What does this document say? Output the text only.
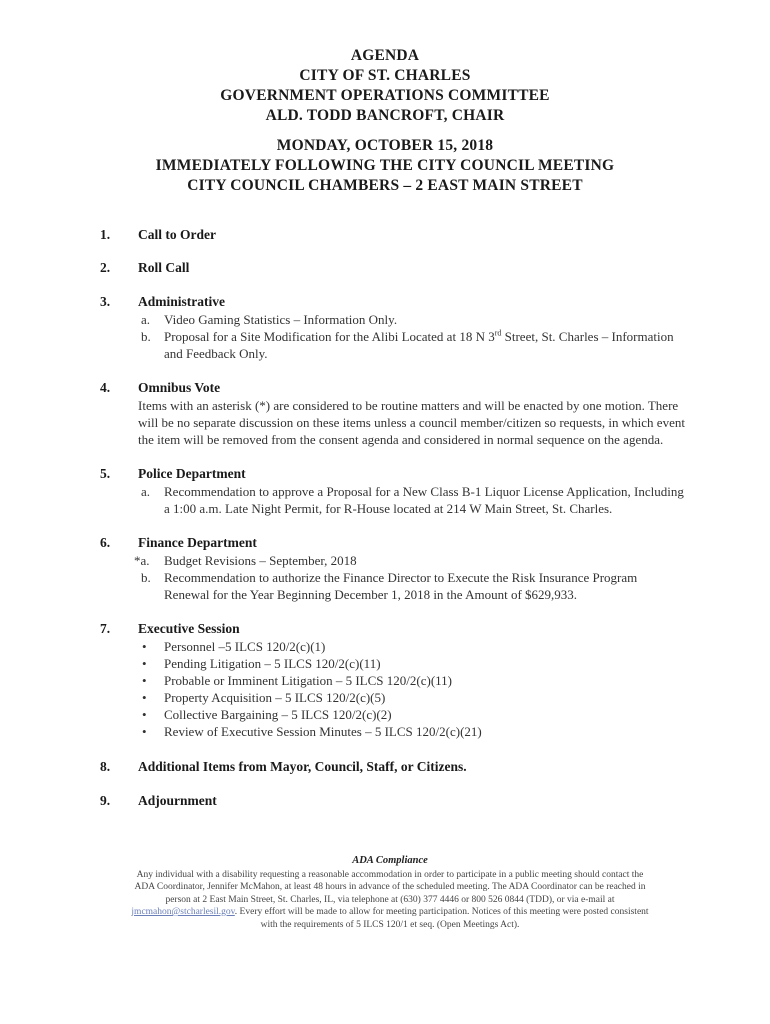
AGENDA
CITY OF ST. CHARLES
GOVERNMENT OPERATIONS COMMITTEE
ALD. TODD BANCROFT, CHAIR
MONDAY, OCTOBER 15, 2018
IMMEDIATELY FOLLOWING THE CITY COUNCIL MEETING
CITY COUNCIL CHAMBERS – 2 EAST MAIN STREET
1. Call to Order
2. Roll Call
3. Administrative
a. Video Gaming Statistics – Information Only.
b. Proposal for a Site Modification for the Alibi Located at 18 N 3rd Street, St. Charles – Information and Feedback Only.
4. Omnibus Vote
Items with an asterisk (*) are considered to be routine matters and will be enacted by one motion. There will be no separate discussion on these items unless a council member/citizen so requests, in which event the item will be removed from the consent agenda and considered in normal sequence on the agenda.
5. Police Department
a. Recommendation to approve a Proposal for a New Class B-1 Liquor License Application, Including a 1:00 a.m. Late Night Permit, for R-House located at 214 W Main Street, St. Charles.
6. Finance Department
*a. Budget Revisions – September, 2018
b. Recommendation to authorize the Finance Director to Execute the Risk Insurance Program Renewal for the Year Beginning December 1, 2018 in the Amount of $629,933.
7. Executive Session
• Personnel –5 ILCS 120/2(c)(1)
• Pending Litigation – 5 ILCS 120/2(c)(11)
• Probable or Imminent Litigation – 5 ILCS 120/2(c)(11)
• Property Acquisition – 5 ILCS 120/2(c)(5)
• Collective Bargaining – 5 ILCS 120/2(c)(2)
• Review of Executive Session Minutes – 5 ILCS 120/2(c)(21)
8. Additional Items from Mayor, Council, Staff, or Citizens.
9. Adjournment
ADA Compliance
Any individual with a disability requesting a reasonable accommodation in order to participate in a public meeting should contact the ADA Coordinator, Jennifer McMahon, at least 48 hours in advance of the scheduled meeting. The ADA Coordinator can be reached in person at 2 East Main Street, St. Charles, IL, via telephone at (630) 377 4446 or 800 526 0844 (TDD), or via e-mail at jmcmahon@stcharlesil.gov. Every effort will be made to allow for meeting participation. Notices of this meeting were posted consistent with the requirements of 5 ILCS 120/1 et seq. (Open Meetings Act).
